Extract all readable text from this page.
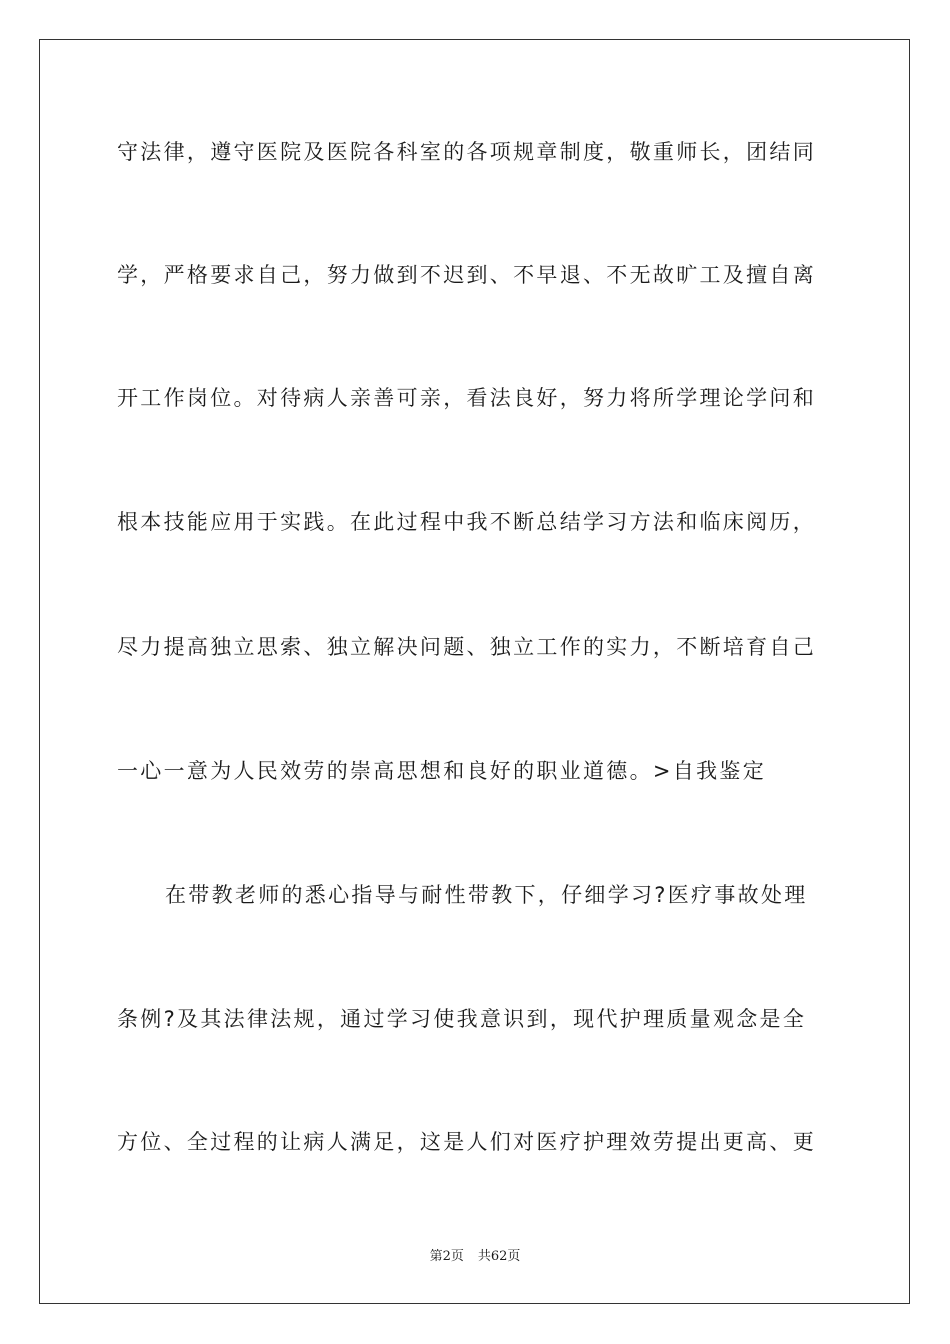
守法律，遵守医院及医院各科室的各项规章制度，敬重师长，团结同

学，严格要求自己，努力做到不迟到、不早退、不无故旷工及擅自离

开工作岗位。对待病人亲善可亲，看法良好，努力将所学理论学问和

根本技能应用于实践。在此过程中我不断总结学习方法和临床阅历，

尽力提高独立思索、独立解决问题、独立工作的实力，不断培育自己

一心一意为人民效劳的崇高思想和良好的职业道德。>自我鉴定

在带教老师的悉心指导与耐性带教下，仔细学习?医疗事故处理

条例?及其法律法规，通过学习使我意识到，现代护理质量观念是全

方位、全过程的让病人满足，这是人们对医疗护理效劳提出更高、更

第2页 共62页
